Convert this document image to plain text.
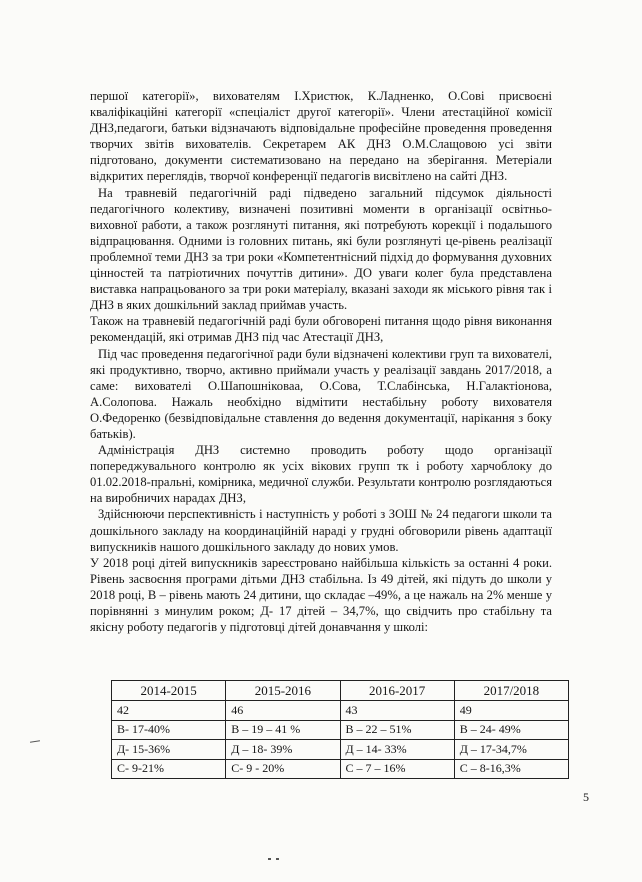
першої категорії», вихователям І.Христюк, К.Ладненко, О.Сові присвоєні кваліфікаційні категорії «спеціаліст другої категорії». Члени атестаційної комісії ДНЗ,педагоги, батьки відзначають відповідальне професійне проведення проведення творчих звітів вихователів. Секретарем АК ДНЗ О.М.Слащовою усі звіти підготовано, документи систематизовано на передано на зберігання. Метеріали відкритих переглядів, творчої конференції педагогів висвітлено на сайті ДНЗ.

На травневій педагогічній раді підведено загальний підсумок діяльності педагогічного колективу, визначені позитивні моменти в організації освітньо-виховної работи, а також розглянуті питання, які потребують корекції і подальшого відпрацювання. Одними із головних питань, які були розглянуті це-рівень реалізації проблемної теми ДНЗ за три роки «Компетентнісний підхід до формування духовних цінностей та патріотичних почуттів дитини». ДО уваги колег була представлена виставка напрацьованого за три роки матеріалу, вказані заходи як міського рівня так і ДНЗ в яких дошкільний заклад приймав участь.

Також на травневій педагогічній раді були обговорені питання щодо рівня виконання рекомендацій, які отримав ДНЗ під час Атестації ДНЗ,

Під час проведення педагогічної ради були відзначені колективи груп та вихователі, які продуктивно, творчо, активно приймали участь у реалізації завдань 2017/2018, а саме: вихователі О.Шапошніковаа, О.Сова, Т.Слабінська, Н.Галактіонова, А.Солопова. Нажаль необхідно відмітити нестабільну роботу вихователя О.Федоренко (безвідповідальне ставлення до ведення документації, нарікання з боку батьків).

Адміністрація ДНЗ системно проводить роботу щодо організації попереджувального контролю як усіх вікових групп тк і роботу харчоблоку до 01.02.2018-пральні, комірника, медичної служби. Результати контролю розглядаються на виробничих нарадах ДНЗ,

Здійснюючи перспективність і наступність у роботі з ЗОШ № 24 педагоги школи та дошкільного закладу на координаційній нараді у грудні обговорили рівень адаптації випускників нашого дошкільного закладу до нових умов.

У 2018 році дітей випускників зареєстровано найбільша кількість за останні 4 роки. Рівень засвоєння програми дітьми ДНЗ стабільна. Із 49 дітей, які підуть до школи у 2018 році, В – рівень мають 24 дитини, що складає –49%, а це нажаль на 2% менше у порівнянні з минулим роком; Д- 17 дітей – 34,7%, що свідчить про стабільну та якісну роботу педагогів у підготовці дітей донавчання у школі:

2014-2015	2015-2016	2016-2017	2017/2018
42	46	43	49
В- 17-40%	В – 19 – 41 %	В – 22 – 51%	В – 24- 49%
Д- 15-36%	Д – 18- 39%	Д – 14- 33%	Д – 17-34,7%
С- 9-21%	С- 9 - 20%	С – 7 – 16%	С – 8-16,3%
5
